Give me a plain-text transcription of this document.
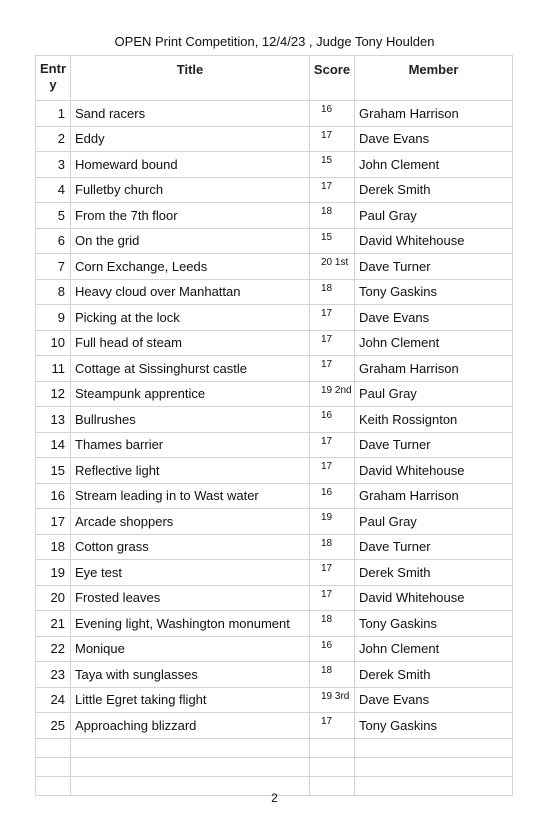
OPEN Print Competition, 12/4/23 , Judge Tony Houlden
Entry	Title	Score	Member
1	Sand racers	16	Graham Harrison
2	Eddy	17	Dave Evans
3	Homeward bound	15	John Clement
4	Fulletby church	17	Derek Smith
5	From the 7th floor	18	Paul Gray
6	On the grid	15	David Whitehouse
7	Corn Exchange, Leeds	20 1st	Dave Turner
8	Heavy cloud over Manhattan	18	Tony Gaskins
9	Picking at the lock	17	Dave Evans
10	Full head of steam	17	John Clement
11	Cottage at Sissinghurst castle	17	Graham Harrison
12	Steampunk apprentice	19 2nd	Paul Gray
13	Bullrushes	16	Keith Rossignton
14	Thames barrier	17	Dave Turner
15	Reflective light	17	David Whitehouse
16	Stream leading in to Wast water	16	Graham Harrison
17	Arcade shoppers	19	Paul Gray
18	Cotton grass	18	Dave Turner
19	Eye test	17	Derek Smith
20	Frosted leaves	17	David Whitehouse
21	Evening light, Washington monument	18	Tony Gaskins
22	Monique	16	John Clement
23	Taya with sunglasses	18	Derek Smith
24	Little Egret taking flight	19 3rd	Dave Evans
25	Approaching blizzard	17	Tony Gaskins

2
